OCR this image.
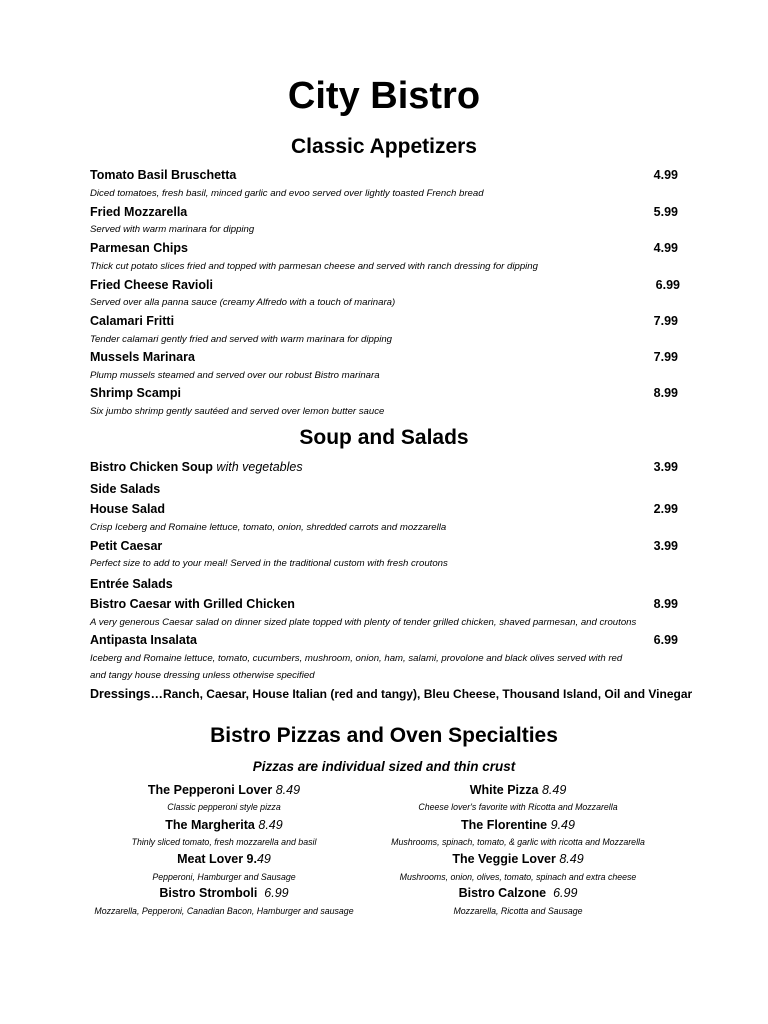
City Bistro
Classic Appetizers
Tomato Basil Bruschetta	4.99
Diced tomatoes, fresh basil, minced garlic and evoo served over lightly toasted French bread
Fried Mozzarella	5.99
Served with warm marinara for dipping
Parmesan Chips	4.99
Thick cut potato slices fried and topped with parmesan cheese and served with ranch dressing for dipping
Fried Cheese Ravioli	6.99
Served over alla panna sauce (creamy Alfredo with a touch of marinara)
Calamari Fritti	7.99
Tender calamari gently fried and served with warm marinara for dipping
Mussels Marinara	7.99
Plump mussels steamed and served over our robust Bistro marinara
Shrimp Scampi	8.99
Six jumbo shrimp gently sautéed and served over lemon butter sauce
Soup and Salads
Bistro Chicken Soup with vegetables	3.99
Side Salads
House Salad	2.99
Crisp Iceberg and Romaine lettuce, tomato, onion, shredded carrots and mozzarella
Petit Caesar	3.99
Perfect size to add to your meal! Served in the traditional custom with fresh croutons
Entrée Salads
Bistro Caesar with Grilled Chicken	8.99
A very generous Caesar salad on dinner sized plate topped with plenty of tender grilled chicken, shaved parmesan, and croutons
Antipasta Insalata	6.99
Iceberg and Romaine lettuce, tomato, cucumbers, mushroom, onion, ham, salami, provolone and black olives served with red
and tangy house dressing unless otherwise specified
Dressings…Ranch, Caesar, House Italian (red and tangy), Bleu Cheese, Thousand Island, Oil and Vinegar
Bistro Pizzas and Oven Specialties
Pizzas are individual sized and thin crust
The Pepperoni Lover 8.49
Classic pepperoni style pizza
The Margherita 8.49
Thinly sliced tomato, fresh mozzarella and basil
Meat Lover 9.49
Pepperoni, Hamburger and Sausage
Bistro Stromboli 6.99
Mozzarella, Pepperoni, Canadian Bacon, Hamburger and sausage
White Pizza 8.49
Cheese lover's favorite with Ricotta and Mozzarella
The Florentine 9.49
Mushrooms, spinach, tomato, & garlic with ricotta and Mozzarella
The Veggie Lover 8.49
Mushrooms, onion, olives, tomato, spinach and extra cheese
Bistro Calzone 6.99
Mozzarella, Ricotta and Sausage
